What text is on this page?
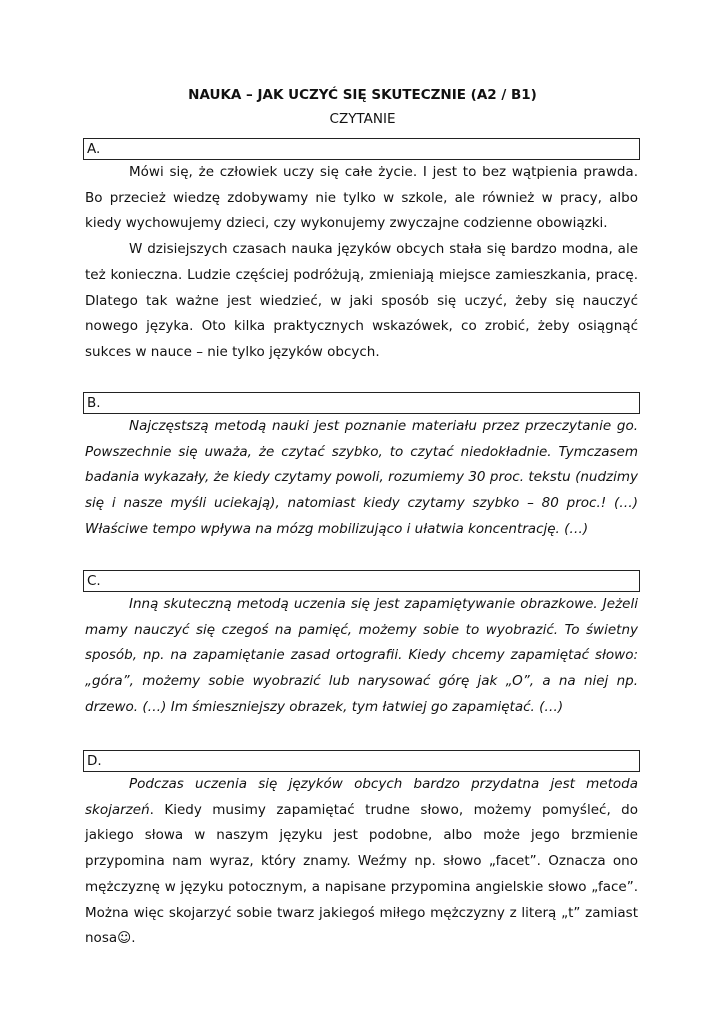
NAUKA – JAK UCZYĆ SIĘ SKUTECZNIE (A2 / B1)
CZYTANIE
A.

Mówi się, że człowiek uczy się całe życie. I jest to bez wątpienia prawda. Bo przecież wiedzę zdobywamy nie tylko w szkole, ale również w pracy, albo kiedy wychowujemy dzieci, czy wykonujemy zwyczajne codzienne obowiązki.

W dzisiejszych czasach nauka języków obcych stała się bardzo modna, ale też konieczna. Ludzie częściej podróżują, zmieniają miejsce zamieszkania, pracę. Dlatego tak ważne jest wiedzieć, w jaki sposób się uczyć, żeby się nauczyć nowego języka. Oto kilka praktycznych wskazówek, co zrobić, żeby osiągnąć sukces w nauce – nie tylko języków obcych.

B.

Najczęstszą metodą nauki jest poznanie materiału przez przeczytanie go. Powszechnie się uważa, że czytać szybko, to czytać niedokładnie. Tymczasem badania wykazały, że kiedy czytamy powoli, rozumiemy 30 proc. tekstu (nudzimy się i nasze myśli uciekają), natomiast kiedy czytamy szybko – 80 proc.! (…) Właściwe tempo wpływa na mózg mobilizująco i ułatwia koncentrację. (…)

C.

Inną skuteczną metodą uczenia się jest zapamiętywanie obrazkowe. Jeżeli mamy nauczyć się czegoś na pamięć, możemy sobie to wyobrazić. To świetny sposób, np. na zapamiętanie zasad ortografii. Kiedy chcemy zapamiętać słowo: „góra”, możemy sobie wyobrazić lub narysować górę jak „O”, a na niej np. drzewo. (…) Im śmieszniejszy obrazek, tym łatwiej go zapamiętać. (…)

D.

Podczas uczenia się języków obcych bardzo przydatna jest metoda skojarzeń. Kiedy musimy zapamiętać trudne słowo, możemy pomyśleć, do jakiego słowa w naszym języku jest podobne, albo może jego brzmienie przypomina nam wyraz, który znamy. Weźmy np. słowo „facet”. Oznacza ono mężczyznę w języku potocznym, a napisane przypomina angielskie słowo „face”. Można więc skojarzyć sobie twarz jakiegoś miłego mężczyzny z literą „t” zamiast nosa☺.
